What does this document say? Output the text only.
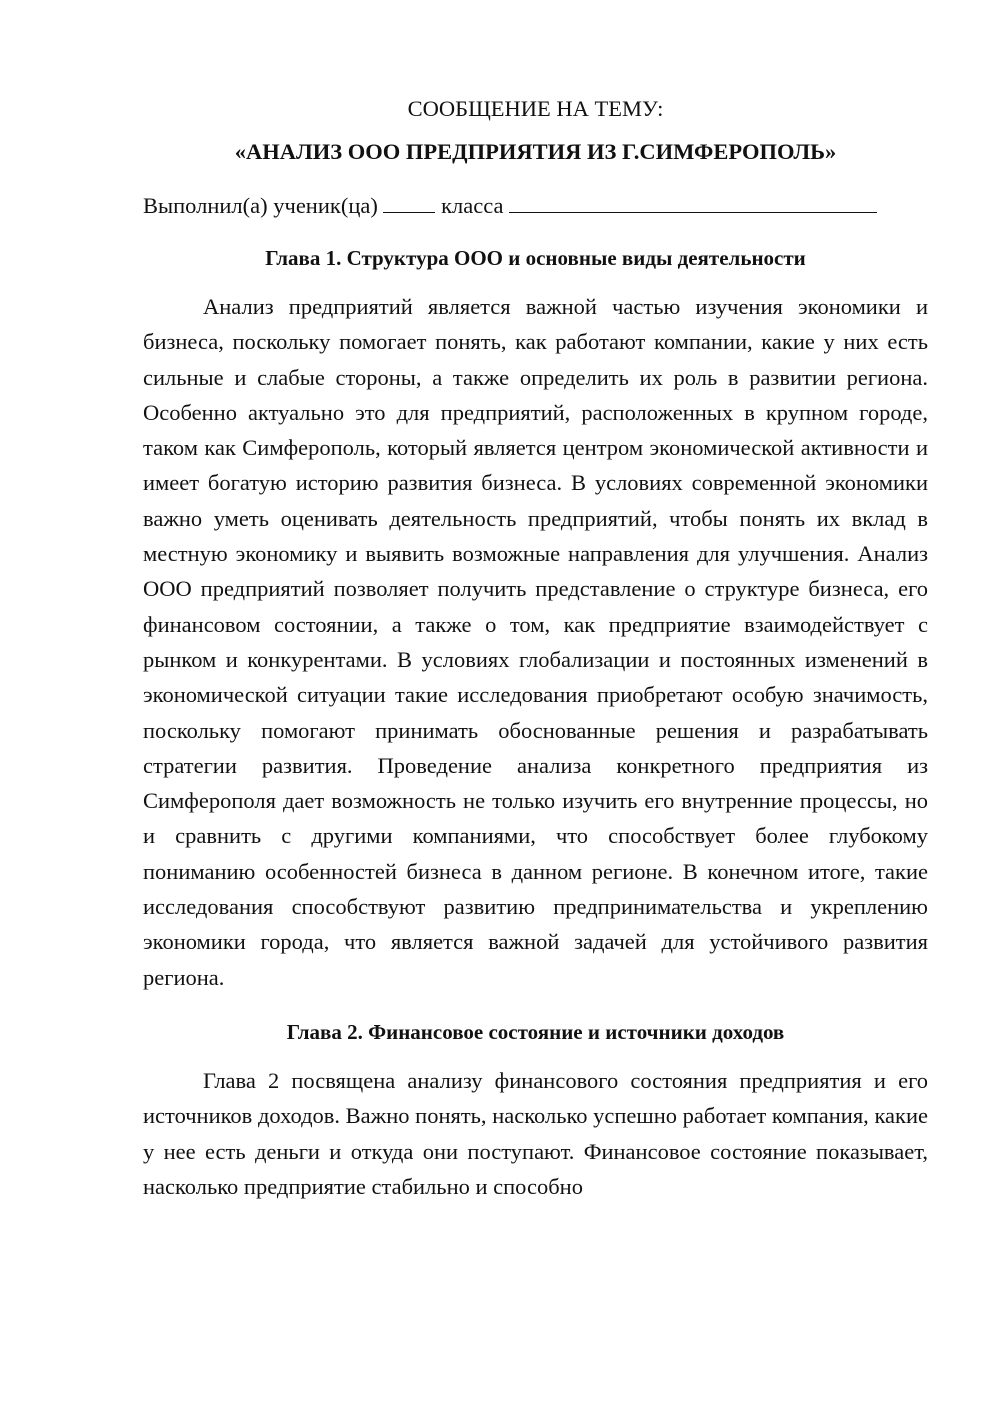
СООБЩЕНИЕ НА ТЕМУ:

«АНАЛИЗ ООО ПРЕДПРИЯТИЯ ИЗ Г.СИМФЕРОПОЛЬ»

Выполнил(а) ученик(ца)	класса

Глава 1. Структура ООО и основные виды деятельности

Анализ предприятий является важной частью изучения экономики и бизнеса, поскольку помогает понять, как работают компании, какие у них есть сильные и слабые стороны, а также определить их роль в развитии региона. Особенно актуально это для предприятий, расположенных в крупном городе, таком как Симферополь, который является центром экономической активности и имеет богатую историю развития бизнеса. В условиях современной экономики важно уметь оценивать деятельность предприятий, чтобы понять их вклад в местную экономику и выявить возможные направления для улучшения. Анализ ООО предприятий позволяет получить представление о структуре бизнеса, его финансовом состоянии, а также о том, как предприятие взаимодействует с рынком и конкурентами. В условиях глобализации и постоянных изменений в экономической ситуации такие исследования приобретают особую значимость, поскольку помогают принимать обоснованные решения и разрабатывать стратегии развития. Проведение анализа конкретного предприятия из Симферополя дает возможность не только изучить его внутренние процессы, но и сравнить с другими компаниями, что способствует более глубокому пониманию особенностей бизнеса в данном регионе. В конечном итоге, такие исследования способствуют развитию предпринимательства и укреплению экономики города, что является важной задачей для устойчивого развития региона.

Глава 2. Финансовое состояние и источники доходов

Глава 2 посвящена анализу финансового состояния предприятия и его источников доходов. Важно понять, насколько успешно работает компания, какие у нее есть деньги и откуда они поступают. Финансовое состояние показывает, насколько предприятие стабильно и способно
